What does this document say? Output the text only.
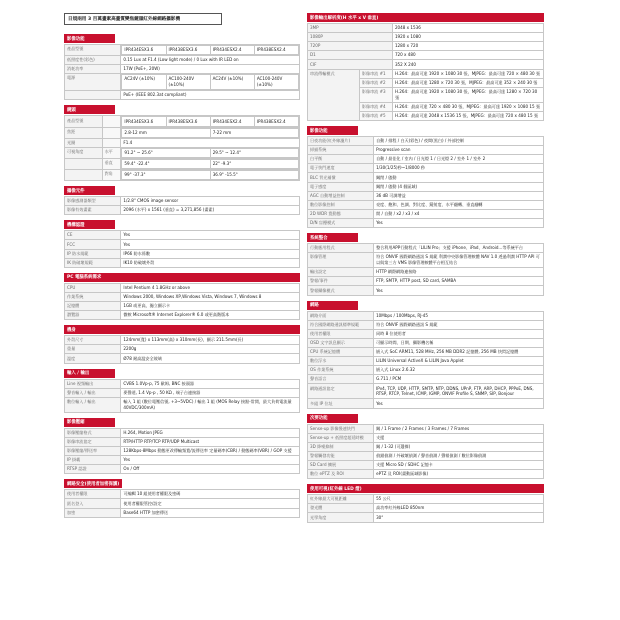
日規兩用 3 百萬畫素高畫質變焦鏡頭紅外線網路攝影機
影像功能
產品型號		IPR434ESX3.6	IPR438ESX3.6	IPR434ESX2.4	IPR438ESX2.4

低照度性(彩色)	0.15 Lux at F1.4 (Low light mode) / 0 Lux with IR LED on
消耗功率	17W (PoE+, 20W)
電源		AC24V (±10%)	AC100-240V (±10%)	AC24V (±10%)	AC100-240V (±10%)

	PoE+ (IEEE 802.3at compliant)
鏡頭
產品型號			IPR434ESX3.6	IPR438ESX3.6	IPR434ESX2.4	IPR438ESX2.4

焦距			2.8-12 mm	7-22 mm

光圈		F1.4
可視角度	水平		91.2° ~ 25.6°	29.5° ~ 12.4°

	垂直		59.4° -22.4°	22° -9.3°

	對角		99° -37.3°	36.9° -15.5°
攝像元件
影像感測器類型	1/2.8" CMOS image sensor
影像有效畫素	2096 (水平) x 1561 (垂直) = 3,271,856 (畫素)
機構認證
CE	Yes
FCC	Yes
IP 防水規範	IP66 防水係數
IK 防破壞規範	IK10 防破壞外殼
PC 電腦系統需求
CPU	Intel Pentium 4 1.8GHz or above
作業系統	Windows 2000, Windows XP,Windows Vista, Windows 7, Windows 8
記憶體	1GB 或更高，獨立顯示卡
瀏覽器	微軟 Microsoft® Internet Explorer® 6.0 或更高階版本
機身
外殼尺寸	124mm(寬) x 113mm(高) x 310mm(長)，顯示 211.5mm(長)
重量	2200g
溫度	Ø78 耐高溫安全玻璃
輸入 / 輸出
Line 視頻輸出	CVBS 1.0Vp-p, 75 歐姆, BNC 接頭器
聲音輸入 / 輸出	麥聲道, 1.4 Vp-p , 50 KΩ , 端子台連接器
數位輸入 / 輸出	輸入 1 組 (數位電壓信號, +3~5VDC) / 輸出 1 組 (MOS Relay 接點-常開，最大負荷電流量 40VDC/300mA)
影像壓縮
影像壓縮格式	H.264, Motion JPEG
影像串流協定	RTP/HTTP RTP/TCP RTP/UDP Multicast
影像壓縮/傳送率	128Kbps-8Mbps 動態更改傳輸頻寬/流傳送率 定量碼率(CBR) / 動態碼率(VBR) / GOP 支援
IP 掛載	Yes
RTSP 認證	On / Off
網路安全(使用者加密保護)
使用者權限	可編輯 10 組使用者權限及密碼
匿名登入	使用者權限管控/設定
加密	Base64 HTTP 加密傳送
影像輸出解析度(H 水平 x V 垂直)
3MP		2048 x 1536
1080P		1920 x 1080
720P		1280 x 720
D1		720 x 480
CIF		352 X 240
串流傳輸模式	影像串流 #1	H.264：最高可達 1920 × 1080 30 張，MJPEG：最高可達 720 × 480 30 張
	影像串流 #2	H.264：最高可達 1280 × 720 30 張，MJPEG：最高可達 352 × 240 30 張
	影像串流 #3	H.264：最高可達 1920 × 1080 30 張，MJPEG：最高可達 1280 × 720 30 張
	影像串流 #4	H.264：最高可達 720 × 480 30 張，MJPEG：最高可達 1920 × 1080 15 張
	影像串流 #5	H.264：最高可達 2048 x 1536 15 張，MJPEG：最高可達 720 x 480 15 張
影像功能
日夜功能(紅外線濾片)	自動 / 排程 / 白天(彩色) / 夜間(黑白) / 外部控制
掃描系統	Progressive scan
白平衡	自動 / 最佳化 / 室內 / 日光燈 1 / 日光燈 2 / 室外 1 / 室外 2
電子快門速度	1/30(1/25)秒~1/8000 秒
BLC 背光補償	關閉 / 啟動
電子感度	關閉 / 啟動 (4 個區域)
AGC 自動增益控制	36 dB 可調增益
數位影像控制	亮度、飽和、色調、對比度、鏡射度、水平翻轉、垂直翻轉
2D WDR 寬動態	開 / 自動 / x2 / x3 / x4
D/N 盲擾模式	Yes
系統整合
行動應用程式	整合利用APP行動程式「LILIN Pro」支援 iPhone、iPad、Android…等系統平台
影像管理	符合 ONVIF 國際網路通訊 S 規範 利潤中央影像管理軟體 NAV 1.0 透過利潤 HTTP API 可以與第三方 VMS 影像管理軟體平台相互結合
輸出設定	HTTP 網際網路連接路
警報/事件	FTP, SMTP, HTTP post, SD card, SAMBA
警報攝像模式	Yes
網路
網路介面	10Mbps / 100Mbps, RJ-45
符合國際網路通訊標準規範	符合 ONVIF 國際網路通訊 S 規範
使用者權限	同時 8 位使用者
OSD 文字訊息顯示	可顯示時間、日期、攝影機名稱
CPU 系統記憶體	嵌入式 SoC ARM11, 528 MHz, 256 MB DDR2 記憶體, 256 MB 快閃記憶體
數位浮水	LILIN Universal ActiveX & LILIN Java Applet
OS 作業系統	嵌入式 Linux 2.6.32
聲音語言	G.711 / PCM
網路通訊協定	IPv4, TCP, UDP, HTTP, SMTP, NTP, DDNS, UPnP, FTP, ARP, DHCP, PPPoE, DNS, RTSP, RTCP, Telnet, ICMP, IGMP, ONVIF Profile S, SNMP, SIP, Bonjour
多組 IP 位址	Yes
次要功能
Sense-up 影像慢速快門	關 / 1 Frame / 2 Frames / 3 Frames / 7 Frames
Sense-up + 低照度超延時模	支援
3D 降噪抑制	關 / 1-32 (可選擇)
警報觸發功能	偵錯偵測 / 外破壞偵測 / 聲音偵測 / 聲報偵測 / 數位影像偵測
SD Card 擴展	支援 Micro SD / SDHC 記憶卡
數位 ePTZ 及 ROI	ePTZ 及 ROI(畫動區域影像)
使用可視(紅外線 LED 燈)
紅外線最大可視距離	55 公尺
發光體	高功率紅外線LED 850nm
光學角度	30°
